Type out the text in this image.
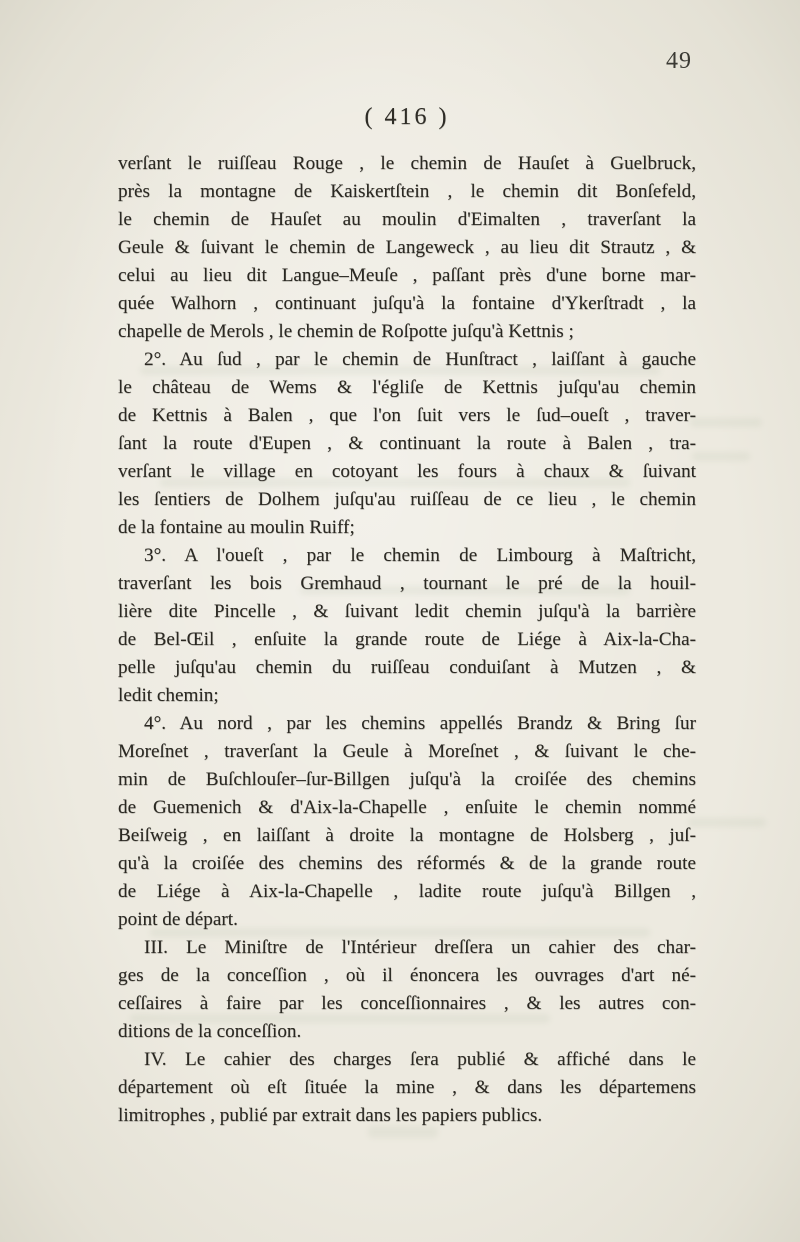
49
( 416 )
verſant le ruiſſeau Rouge , le chemin de Hauſet à Guelbruck,
près la montagne de Kaiskertſtein , le chemin dit Bonſefeld,
le chemin de Hauſet au moulin d'Eimalten , traverſant la
Geule & ſuivant le chemin de Langeweck , au lieu dit Strautz , &
celui au lieu dit Langue–Meuſe , paſſant près d'une borne mar-
quée Walhorn , continuant juſqu'à la fontaine d'Ykerſtradt , la
chapelle de Merols , le chemin de Roſpotte juſqu'à Kettnis ;
2°. Au ſud , par le chemin de Hunſtract , laiſſant à gauche
le château de Wems & l'égliſe de Kettnis juſqu'au chemin
de Kettnis à Balen , que l'on ſuit vers le ſud–oueſt , traver-
ſant la route d'Eupen , & continuant la route à Balen , tra-
verſant le village en cotoyant les fours à chaux & ſuivant
les ſentiers de Dolhem juſqu'au ruiſſeau de ce lieu , le chemin
de la fontaine au moulin Ruiff;
3°. A l'oueſt , par le chemin de Limbourg à Maſtricht,
traverſant les bois Gremhaud , tournant le pré de la houil-
lière dite Pincelle , & ſuivant ledit chemin juſqu'à la barrière
de Bel-Œil , enſuite la grande route de Liége à Aix-la-Cha-
pelle juſqu'au chemin du ruiſſeau conduiſant à Mutzen , &
ledit chemin;
4°. Au nord , par les chemins appellés Brandz & Bring ſur
Moreſnet , traverſant la Geule à Moreſnet , & ſuivant le che-
min de Buſchlouſer–ſur-Billgen juſqu'à la croiſée des chemins
de Guemenich & d'Aix-la-Chapelle , enſuite le chemin nommé
Beiſweig , en laiſſant à droite la montagne de Holsberg , juſ-
qu'à la croiſée des chemins des réformés & de la grande route
de Liége à Aix-la-Chapelle , ladite route juſqu'à Billgen ,
point de départ.
III. Le Miniſtre de l'Intérieur dreſſera un cahier des char-
ges de la conceſſion , où il énoncera les ouvrages d'art né-
ceſſaires à faire par les conceſſionnaires , & les autres con-
ditions de la conceſſion.
IV. Le cahier des charges ſera publié & affiché dans le
département où eſt ſituée la mine , & dans les départemens
limitrophes , publié par extrait dans les papiers publics.
